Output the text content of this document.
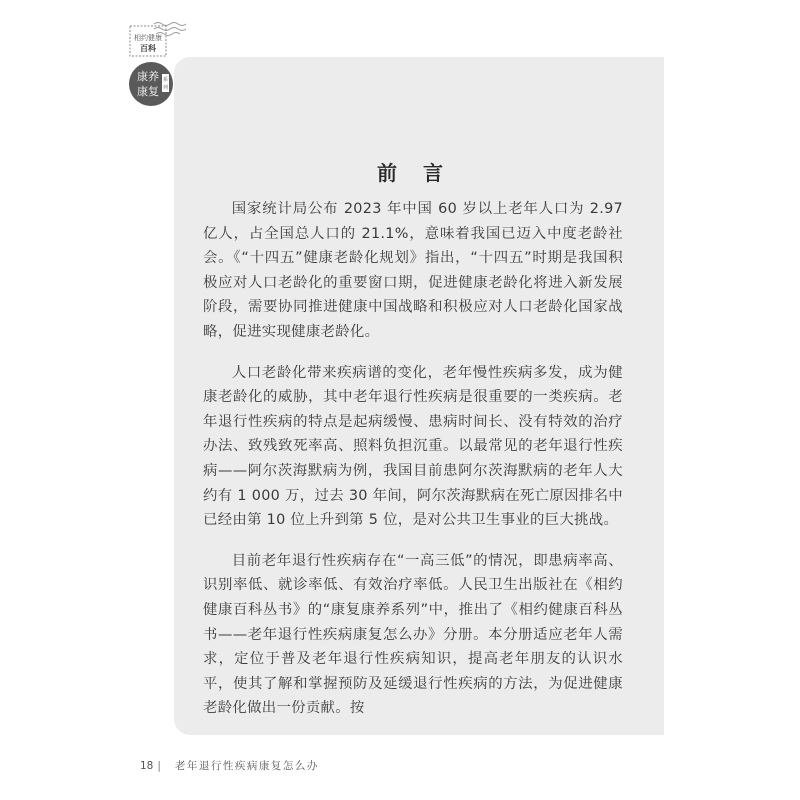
相约健康
百科
康养
康复
系
列
前言

国家统计局公布 2023 年中国 60 岁以上老年人口为 2.97 亿人，占全国总人口的 21.1%，意味着我国已迈入中度老龄社会。《“十四五”健康老龄化规划》指出，“十四五”时期是我国积极应对人口老龄化的重要窗口期，促进健康老龄化将进入新发展阶段，需要协同推进健康中国战略和积极应对人口老龄化国家战略，促进实现健康老龄化。

人口老龄化带来疾病谱的变化，老年慢性疾病多发，成为健康老龄化的威胁，其中老年退行性疾病是很重要的一类疾病。老年退行性疾病的特点是起病缓慢、患病时间长、没有特效的治疗办法、致残致死率高、照料负担沉重。以最常见的老年退行性疾病——阿尔茨海默病为例，我国目前患阿尔茨海默病的老年人大约有 1 000 万，过去 30 年间，阿尔茨海默病在死亡原因排名中已经由第 10 位上升到第 5 位，是对公共卫生事业的巨大挑战。

目前老年退行性疾病存在“一高三低”的情况，即患病率高、识别率低、就诊率低、有效治疗率低。人民卫生出版社在《相约健康百科丛书》的“康复康养系列”中，推出了《相约健康百科丛书——老年退行性疾病康复怎么办》分册。本分册适应老年人需求，定位于普及老年退行性疾病知识，提高老年朋友的认识水平，使其了解和掌握预防及延缓退行性疾病的方法，为促进健康老龄化做出一份贡献。按

18 | 老年退行性疾病康复怎么办
